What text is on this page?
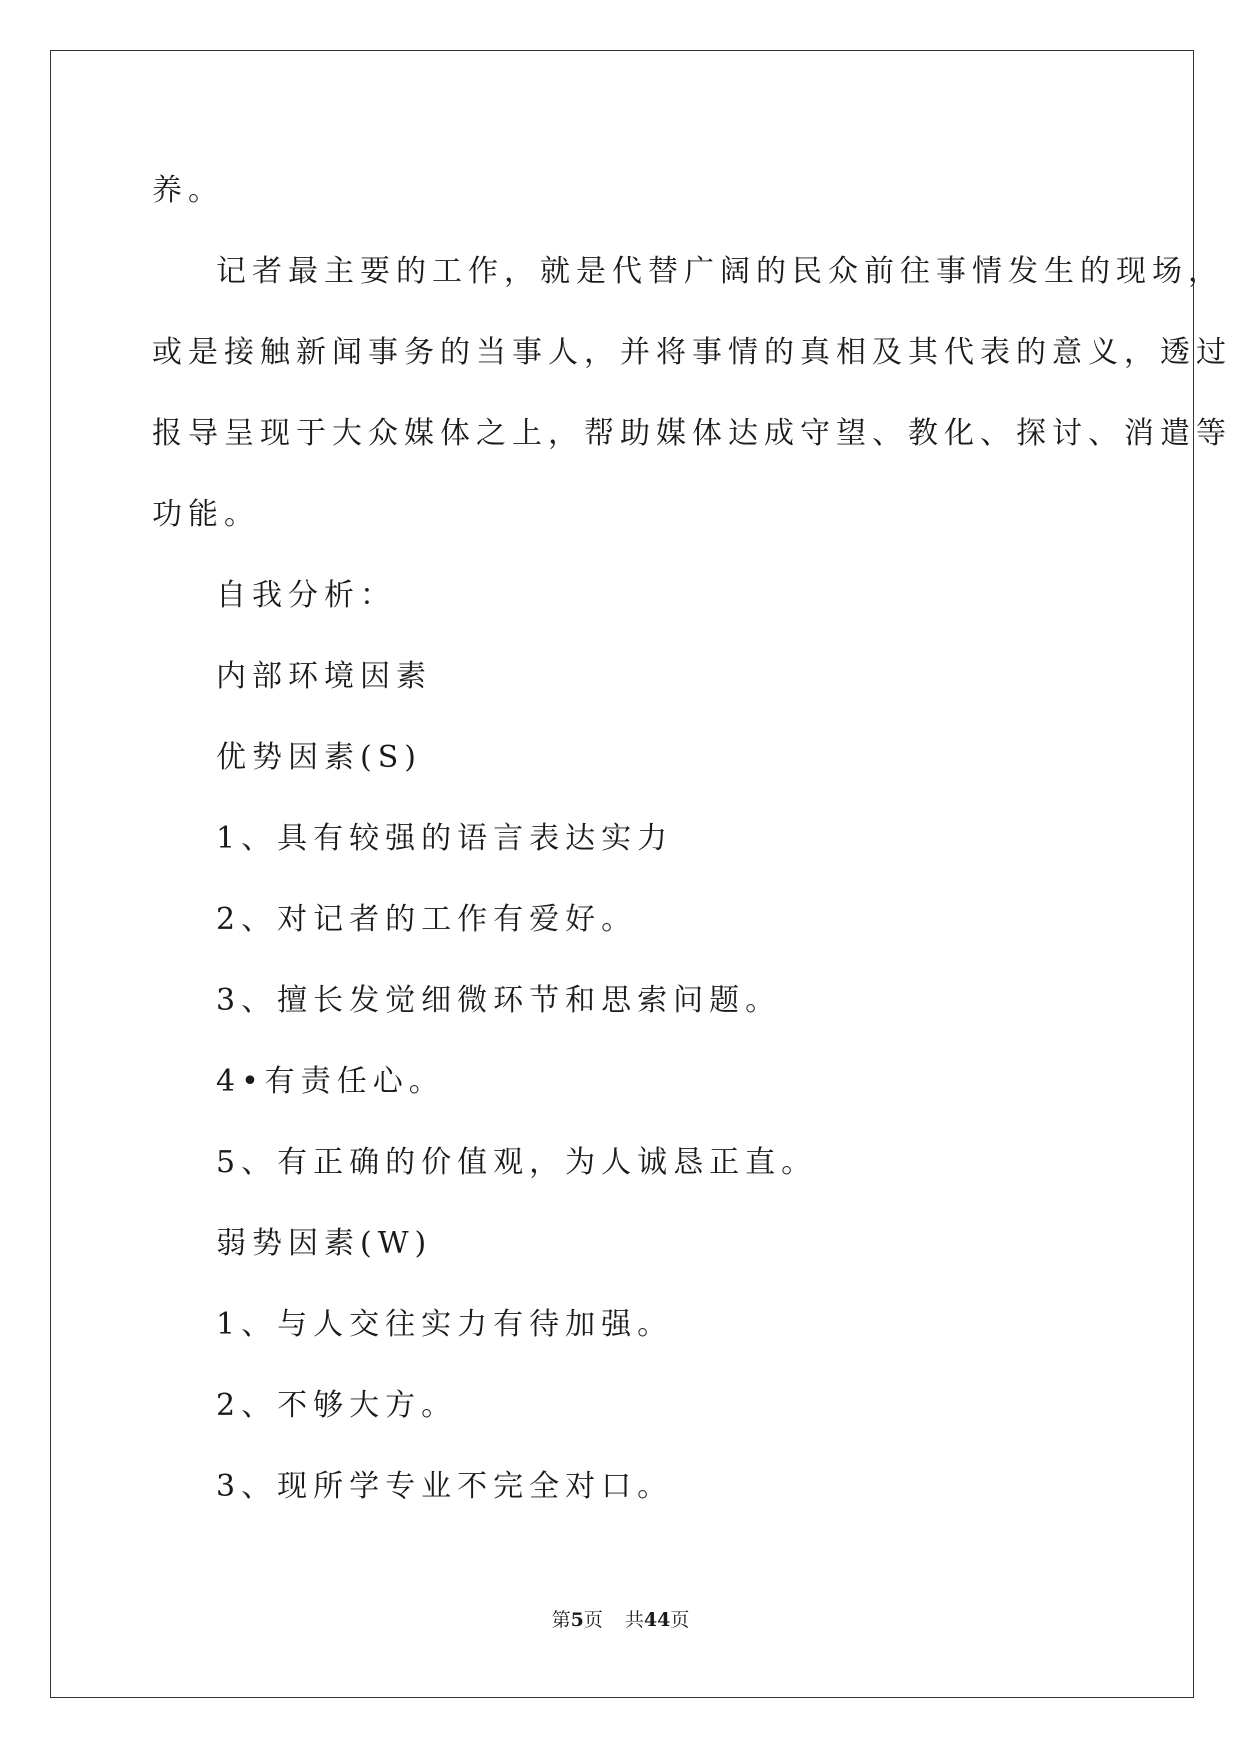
养。
记者最主要的工作，就是代替广阔的民众前往事情发生的现场，
或是接触新闻事务的当事人，并将事情的真相及其代表的意义，透过
报导呈现于大众媒体之上，帮助媒体达成守望、教化、探讨、消遣等
功能。
自我分析：
内部环境因素
优势因素(S)
1、具有较强的语言表达实力
2、对记者的工作有爱好。
3、擅长发觉细微环节和思索问题。
4•有责任心。
5、有正确的价值观，为人诚恳正直。
弱势因素(W)
1、与人交往实力有待加强。
2、不够大方。
3、现所学专业不完全对口。
第5页 共44页
